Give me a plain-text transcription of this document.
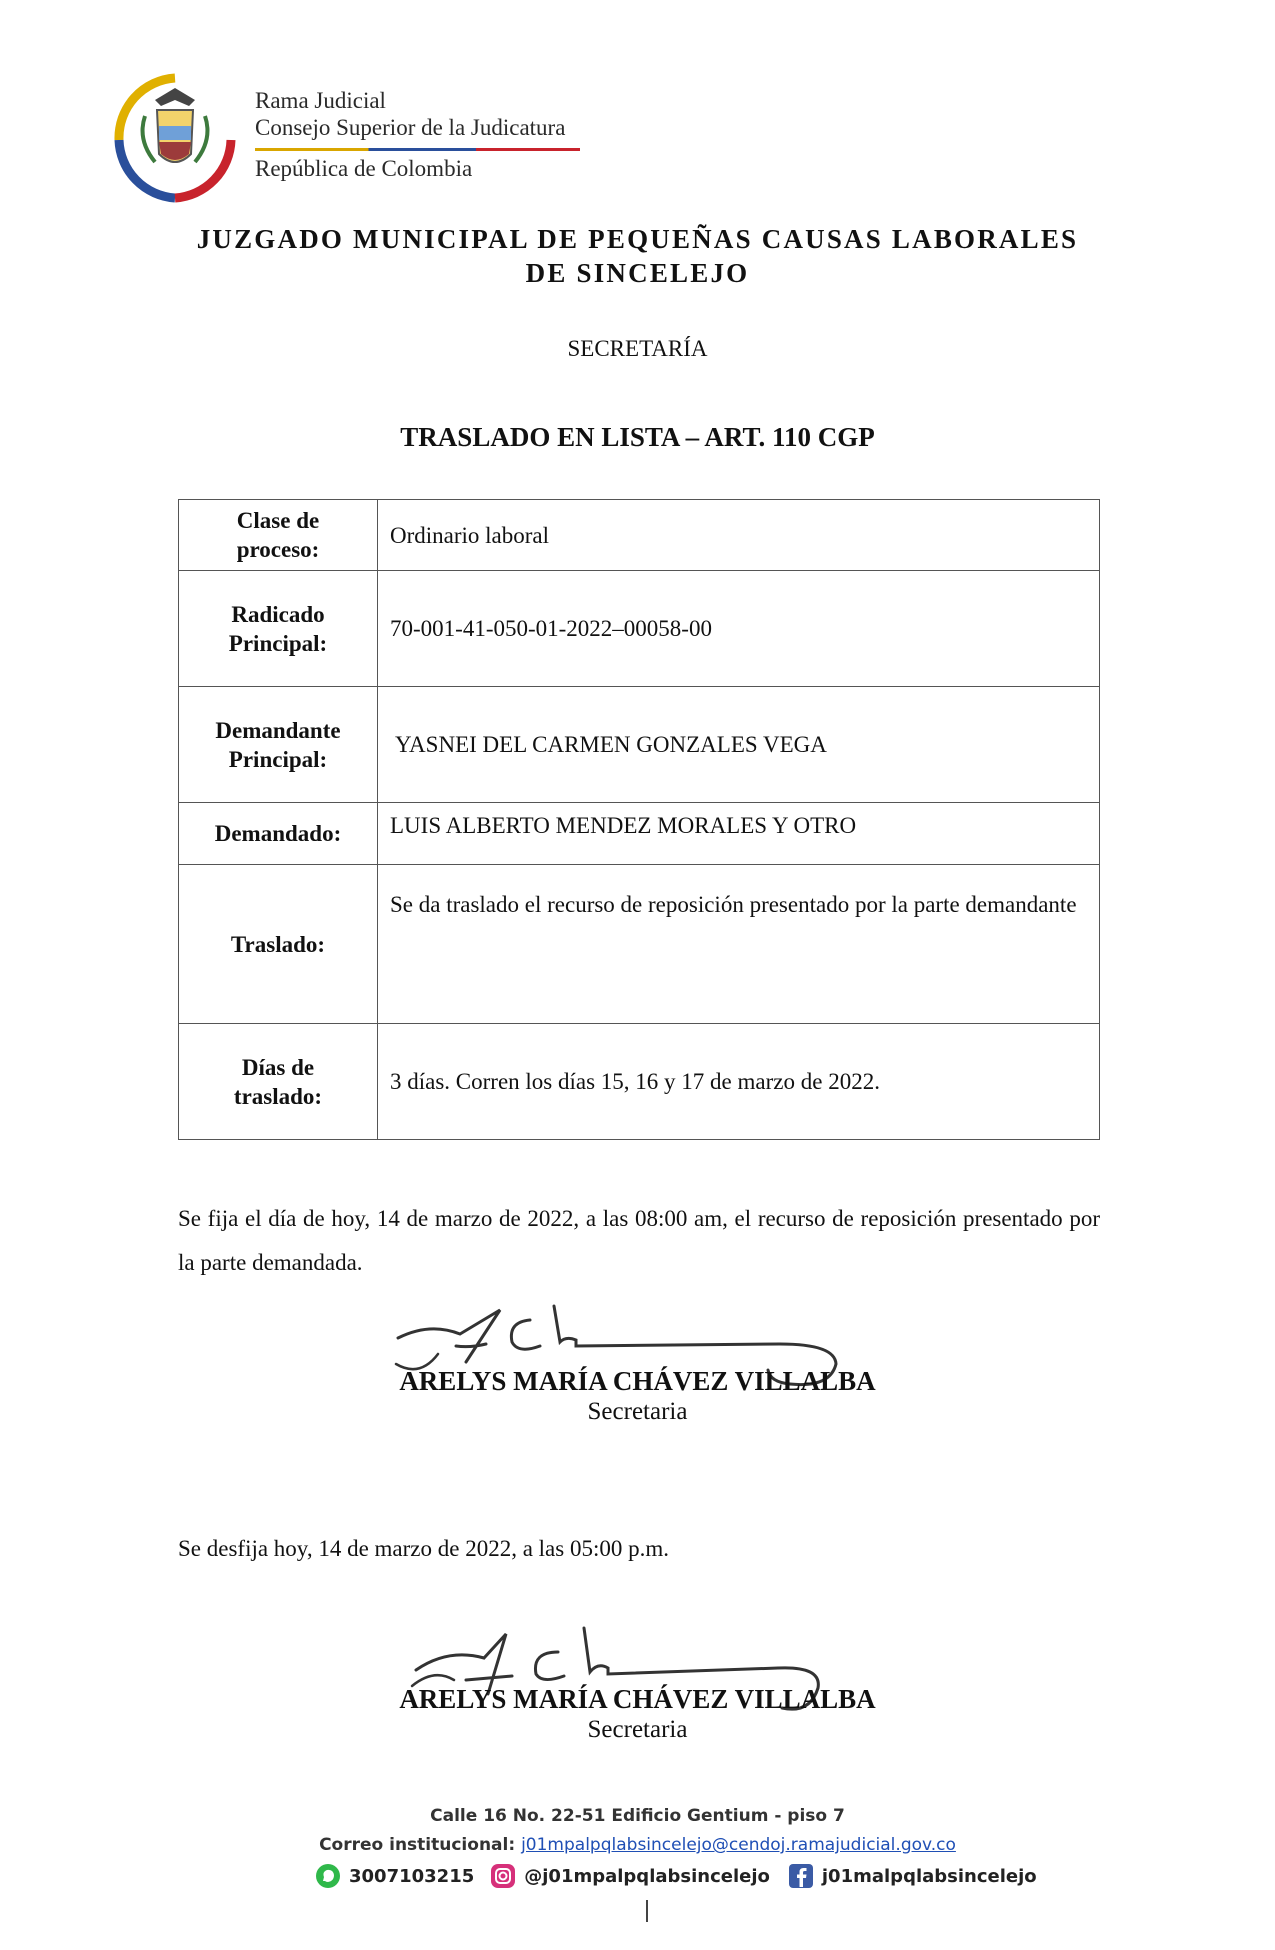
Rama Judicial
Consejo Superior de la Judicatura
República de Colombia
JUZGADO MUNICIPAL DE PEQUEÑAS CAUSAS LABORALES
DE SINCELEJO
SECRETARÍA
TRASLADO EN LISTA – ART. 110 CGP
Clase de
proceso:	Ordinario laboral

Radicado
Principal:	70-001-41-050-01-2022–00058-00

Demandante
Principal:	YASNEI DEL CARMEN GONZALES VEGA

Demandado:	LUIS ALBERTO MENDEZ MORALES Y OTRO

Traslado:	Se da traslado el recurso de reposición presentado por la parte demandante

Días de
traslado:	3 días. Corren los días 15, 16 y 17 de marzo de 2022.
Se fija el día de hoy, 14 de marzo de 2022, a las 08:00 am, el recurso de reposición presentado por la parte demandada.
ARELYS MARÍA CHÁVEZ VILLALBA
Secretaria
Se desfija hoy, 14 de marzo de 2022, a las 05:00 p.m.
ARELYS MARÍA CHÁVEZ VILLALBA
Secretaria
Calle 16 No. 22-51 Edificio Gentium - piso 7
Correo institucional: j01mpalpqlabsincelejo@cendoj.ramajudicial.gov.co
3007103215	@j01mpalpqlabsincelejo	j01malpqlabsincelejo
